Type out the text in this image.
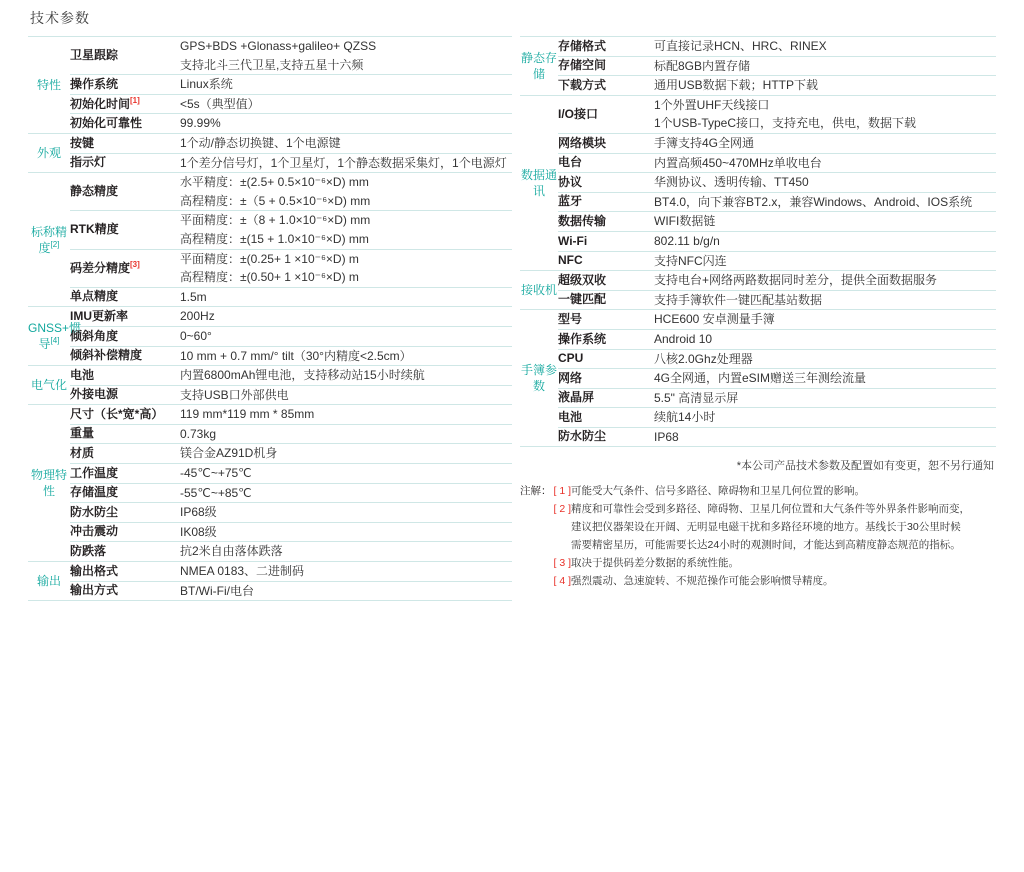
技术参数
特性	卫星跟踪	GPS+BDS +Glonass+galileo+ QZSS
支持北斗三代卫星,支持五星十六频

	操作系统	Linux系统

	初始化时间[1]	<5s（典型值）

	初始化可靠性	99.99%

外观	按键	1个动/静态切换键、1个电源键

	指示灯	1个差分信号灯，1个卫星灯，1个静态数据采集灯，1个电源灯

标称精度[2]	静态精度	水平精度：±(2.5+ 0.5×10⁻⁶×D) mm
高程精度：±（5 + 0.5×10⁻⁶×D) mm

	RTK精度	平面精度：±（8 + 1.0×10⁻⁶×D) mm
高程精度：±(15 + 1.0×10⁻⁶×D) mm

	码差分精度[3]	平面精度：±(0.25+ 1 ×10⁻⁶×D) m
高程精度：±(0.50+ 1 ×10⁻⁶×D) m

	单点精度	1.5m

GNSS+惯导[4]	IMU更新率	200Hz

	倾斜角度	0~60°

	倾斜补偿精度	10 mm + 0.7 mm/° tilt（30°内精度<2.5cm）

电气化	电池	内置6800mAh锂电池，支持移动站15小时续航

	外接电源	支持USB口外部供电

物理特性	尺寸（长*宽*高）	119 mm*119 mm * 85mm

	重量	0.73kg

	材质	镁合金AZ91D机身

	工作温度	-45℃~+75℃

	存储温度	-55℃~+85℃

	防水防尘	IP68级

	冲击震动	IK08级

	防跌落	抗2米自由落体跌落

输出	输出格式	NMEA 0183、二进制码

	输出方式	BT/Wi-Fi/电台
静态存储	存储格式	可直接记录HCN、HRC、RINEX

	存储空间	标配8GB内置存储

	下载方式	通用USB数据下载；HTTP下载

数据通讯	I/O接口	1个外置UHF天线接口
1个USB-TypeC接口，支持充电，供电，数据下载

	网络模块	手簿支持4G全网通

	电台	内置高频450~470MHz单收电台

	协议	华测协议、透明传输、TT450

	蓝牙	BT4.0，向下兼容BT2.x，兼容Windows、Android、IOS系统

	数据传输	WIFI数据链

	Wi-Fi	802.11 b/g/n

	NFC	支持NFC闪连

接收机	超级双收	支持电台+网络两路数据同时差分，提供全面数据服务

	一键匹配	支持手簿软件一键匹配基站数据

手簿参数	型号	HCE600 安卓测量手簿

	操作系统	Android 10

	CPU	八核2.0Ghz处理器

	网络	4G全网通，内置eSIM赠送三年测绘流量

	液晶屏	5.5" 高清显示屏

	电池	续航14小时

	防水防尘	IP68
*本公司产品技术参数及配置如有变更，恕不另行通知
注解： [ 1 ] 可能受大气条件、信号多路径、障碍物和卫星几何位置的影响。
[ 2 ] 精度和可靠性会受到多路径、障碍物、卫星几何位置和大气条件等外界条件影响而变，
建议把仪器架设在开阔、无明显电磁干扰和多路径环境的地方。基线长于30公里时候
需要精密星历，可能需要长达24小时的观测时间，才能达到高精度静态规范的指标。
[ 3 ] 取决于提供码差分数据的系统性能。
[ 4 ] 强烈震动、急速旋转、不规范操作可能会影响惯导精度。
